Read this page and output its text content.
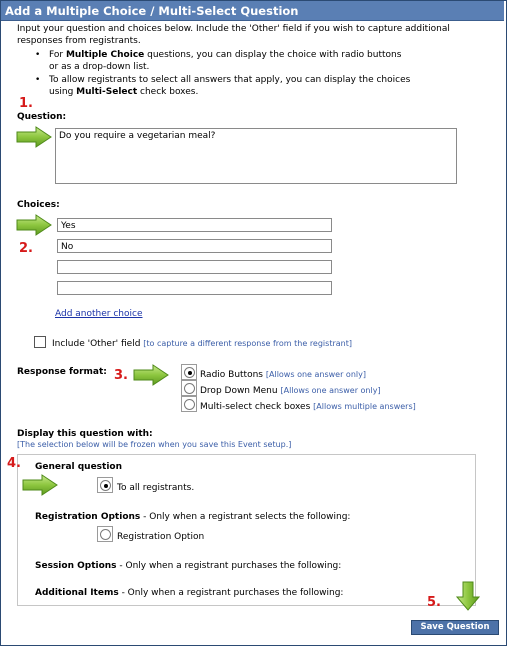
Add a Multiple Choice / Multi-Select Question
Input your question and choices below. Include the 'Other' field if you wish to capture additional
responses from registrants.
• For Multiple Choice questions, you can display the choice with radio buttons
or as a drop-down list.
• To allow registrants to select all answers that apply, you can display the choices
using Multi-Select check boxes.
1.
Question:
Do you require a vegetarian meal?
Choices:
2.
Yes
No
Add another choice
Include 'Other' field [to capture a different response from the registrant]
Response format: 3.	Radio Buttons [Allows one answer only]
Drop Down Menu [Allows one answer only]
Multi-select check boxes [Allows multiple answers]
Display this question with:
[The selection below will be frozen when you save this Event setup.]
4. General question
To all registrants.
Registration Options - Only when a registrant selects the following:
Registration Option
Session Options - Only when a registrant purchases the following:
Additional Items - Only when a registrant purchases the following:
5.
Save Question
